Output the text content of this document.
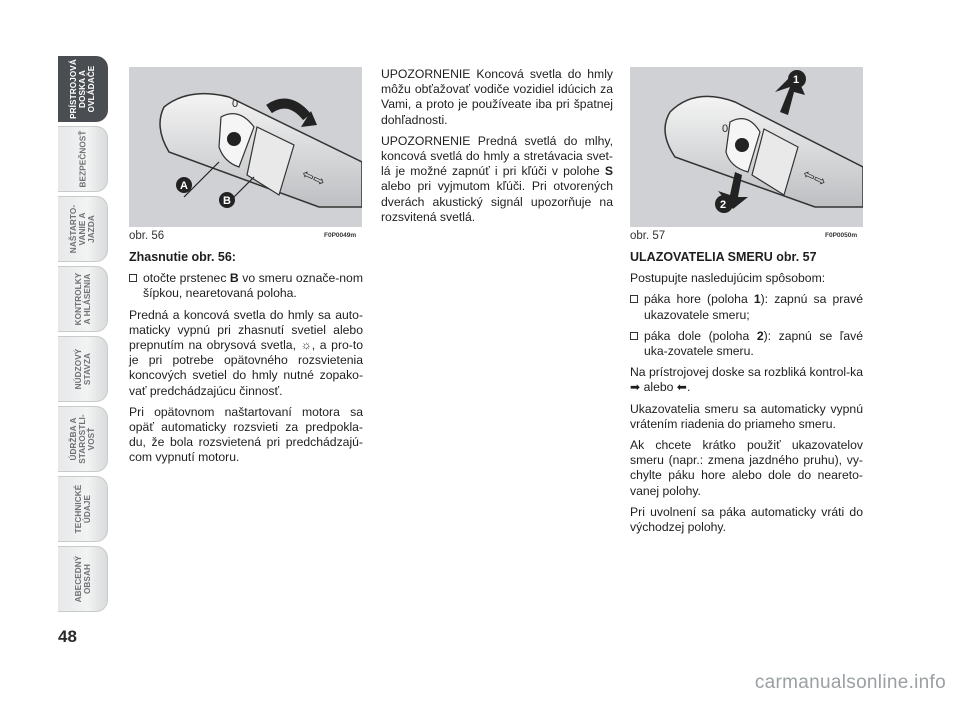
PRÍSTROJOVÁ
DOSKA A
OVLÁDAČE
BEZPEČNOSŤ
NAŠTARTO-
VANIE A
JAZDA
KONTROLKY
A HLÁSENIA
NÚDZOVÝ
STAVZA
ÚDRŽBA A
STAROSTLI-
VOSŤ
TECHNICKÉ
ÚDAJE
ABECEDNÝ
OBSAH
48
A
B
0
⇦⇨
obr. 56	F0P0049m
1
2
0
⇦⇨
obr. 57	F0P0050m
Zhasnutie obr. 56:
otočte prstenec B vo smeru označe-nom šípkou, nearetovaná poloha.

Predná a koncová svetla do hmly sa auto-maticky vypnú pri zhasnutí svetiel alebo prepnutím na obrysová svetla, ☼, a pro-to je pri potrebe opätovného rozsvietenia koncových svetiel do hmly nutné zopako-vať predchádzajúcu činnosť.

Pri opätovnom naštartovaní motora sa opäť automaticky rozsvieti za predpokla-du, že bola rozsvietená pri predchádzajú-com vypnutí motoru.

UPOZORNENIE Koncová svetla do hmly môžu obťažovať vodiče vozidiel idúcich za Vami, a proto je používeate iba pri špatnej dohľadnosti.

UPOZORNENIE Predná svetlá do mlhy, koncová svetlá do hmly a stretávacia svet-lá je možné zapnúť i pri kľúči v polohe S alebo pri vyjmutom kľúči. Pri otvorených dverách akustický signál upozorňuje na rozsvitená svetlá.

ULAZOVATELIA SMERU obr. 57

Postupujte nasledujúcim spôsobom:

páka hore (poloha 1): zapnú sa pravé ukazovatele smeru;
páka dole (poloha 2): zapnú se ľavé uka-zovatele smeru.

Na prístrojovej doske sa rozbliká kontrol-ka ➡ alebo ⬅.

Ukazovatelia smeru sa automaticky vypnú vrátením riadenia do priameho smeru.

Ak chcete krátko použiť ukazovatelov smeru (napr.: zmena jazdného pruhu), vy-chylte páku hore alebo dole do neareto-vanej polohy.

Pri uvolnení sa páka automaticky vráti do východzej polohy.

carmanualsonline.info
